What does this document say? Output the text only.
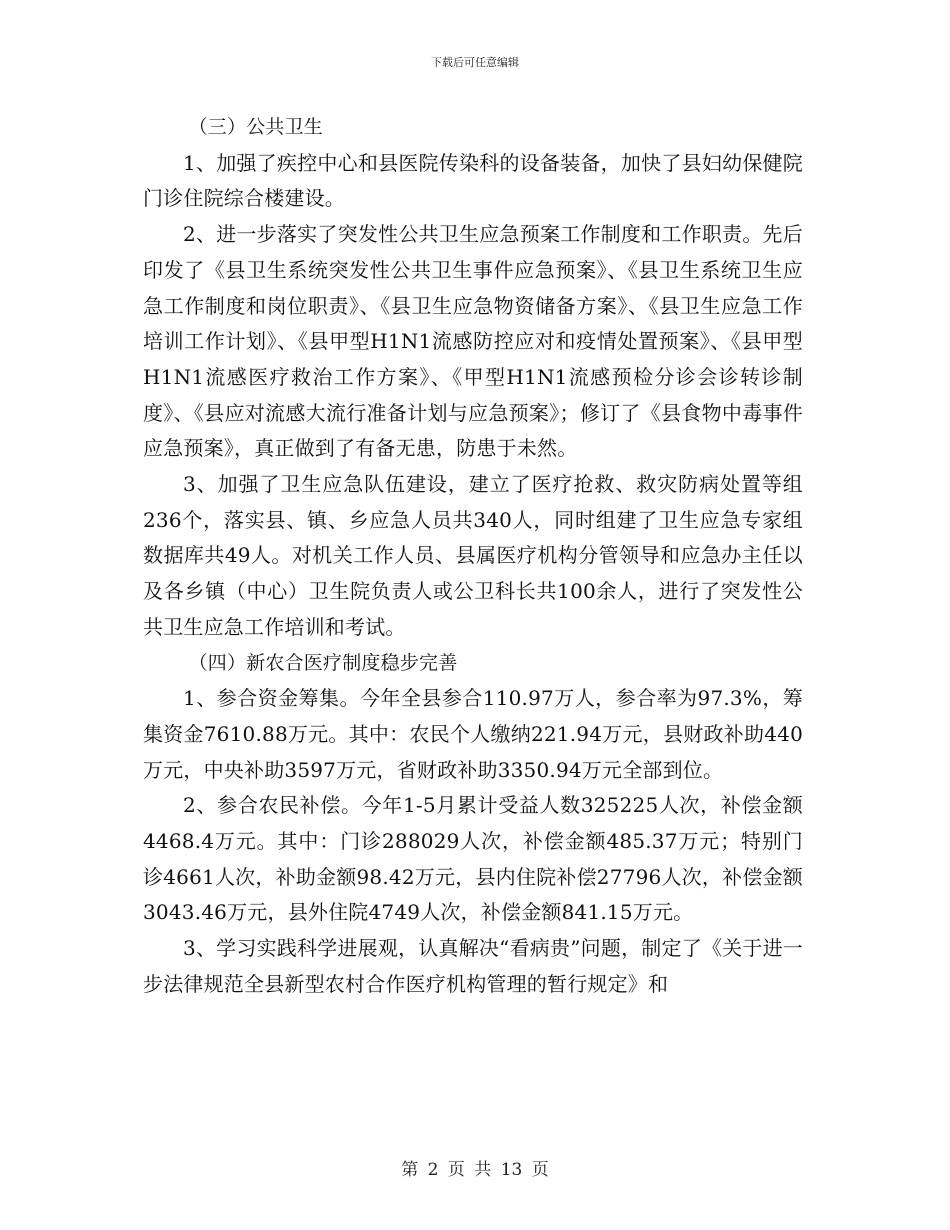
下载后可任意编辑

（三）公共卫生

1、加强了疾控中心和县医院传染科的设备装备，加快了县妇幼保健院门诊住院综合楼建设。

2、进一步落实了突发性公共卫生应急预案工作制度和工作职责。先后印发了《县卫生系统突发性公共卫生事件应急预案》、《县卫生系统卫生应急工作制度和岗位职责》、《县卫生应急物资储备方案》、《县卫生应急工作培训工作计划》、《县甲型H1N1流感防控应对和疫情处置预案》、《县甲型H1N1流感医疗救治工作方案》、《甲型H1N1流感预检分诊会诊转诊制度》、《县应对流感大流行准备计划与应急预案》；修订了《县食物中毒事件应急预案》，真正做到了有备无患，防患于未然。

3、加强了卫生应急队伍建设，建立了医疗抢救、救灾防病处置等组236个，落实县、镇、乡应急人员共340人，同时组建了卫生应急专家组数据库共49人。对机关工作人员、县属医疗机构分管领导和应急办主任以及各乡镇（中心）卫生院负责人或公卫科长共100余人，进行了突发性公共卫生应急工作培训和考试。

（四）新农合医疗制度稳步完善

1、参合资金筹集。今年全县参合110.97万人，参合率为97.3%，筹集资金7610.88万元。其中：农民个人缴纳221.94万元，县财政补助440万元，中央补助3597万元，省财政补助3350.94万元全部到位。

2、参合农民补偿。今年1-5月累计受益人数325225人次，补偿金额4468.4万元。其中：门诊288029人次，补偿金额485.37万元；特别门诊4661人次，补助金额98.42万元，县内住院补偿27796人次，补偿金额3043.46万元，县外住院4749人次，补偿金额841.15万元。

3、学习实践科学进展观，认真解决“看病贵”问题，制定了《关于进一步法律规范全县新型农村合作医疗机构管理的暂行规定》和

第 2 页 共 13 页
